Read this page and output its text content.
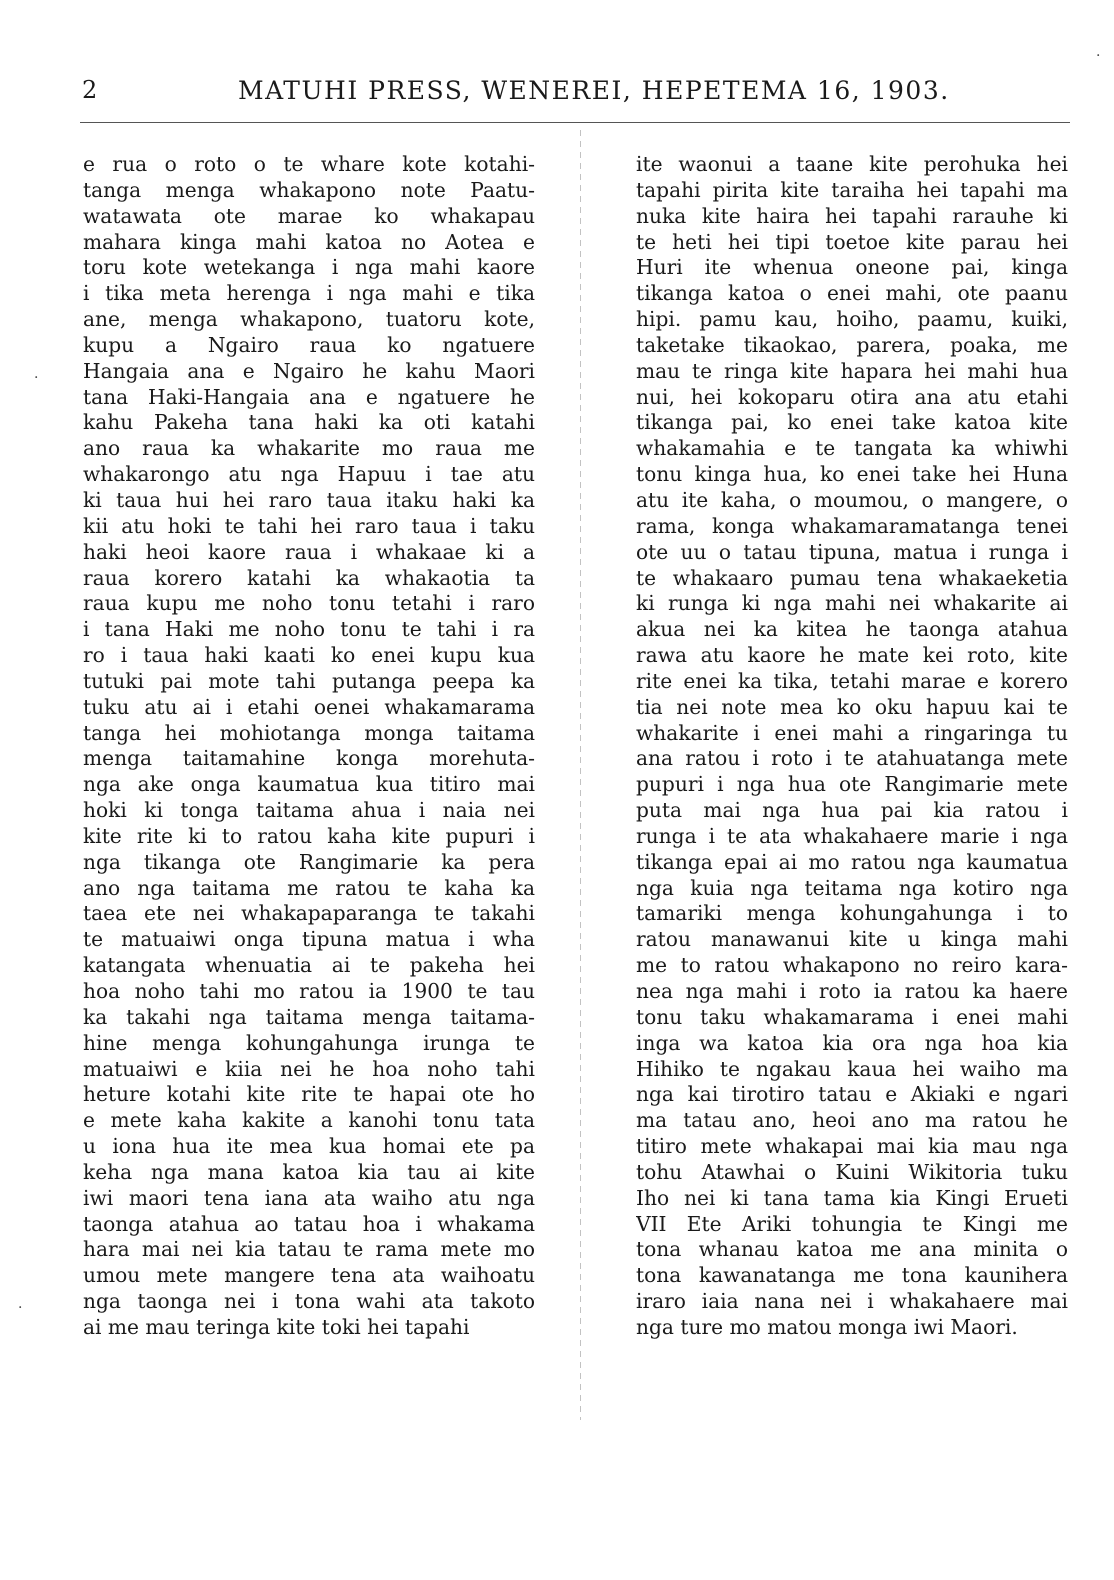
2	MATUHI PRESS, WENEREI, HEPETEMA 16, 1903.
e rua o roto o te whare kote kotahi-
tanga menga whakapono note Paatu-
watawata ote marae ko whakapau
mahara kinga mahi katoa no Aotea e
toru kote wetekanga i nga mahi kaore
i tika meta herenga i nga mahi e tika
ane, menga whakapono, tuatoru kote,
kupu a Ngairo raua ko ngatuere
Hangaia ana e Ngairo he kahu Maori
tana Haki-Hangaia ana e ngatuere he
kahu Pakeha tana haki ka oti katahi
ano raua ka whakarite mo raua me
whakarongo atu nga Hapuu i tae atu
ki taua hui hei raro taua itaku haki ka
kii atu hoki te tahi hei raro taua i taku
haki heoi kaore raua i whakaae ki a
raua korero katahi ka whakaotia ta
raua kupu me noho tonu tetahi i raro
i tana Haki me noho tonu te tahi i ra
ro i taua haki kaati ko enei kupu kua
tutuki pai mote tahi putanga peepa ka
tuku atu ai i etahi oenei whakamarama
tanga hei mohiotanga monga taitama
menga taitamahine konga morehuta-
nga ake onga kaumatua kua titiro mai
hoki ki tonga taitama ahua i naia nei
kite rite ki to ratou kaha kite pupuri i
nga tikanga ote Rangimarie ka pera
ano nga taitama me ratou te kaha ka
taea ete nei whakapaparanga te takahi
te matuaiwi onga tipuna matua i wha
katangata whenuatia ai te pakeha hei
hoa noho tahi mo ratou ia 1900 te tau
ka takahi nga taitama menga taitama-
hine menga kohungahunga irunga te
matuaiwi e kiia nei he hoa noho tahi
heture kotahi kite rite te hapai ote ho
e mete kaha kakite a kanohi tonu tata
u iona hua ite mea kua homai ete pa
keha nga mana katoa kia tau ai kite
iwi maori tena iana ata waiho atu nga
taonga atahua ao tatau hoa i whakama
hara mai nei kia tatau te rama mete mo
umou mete mangere tena ata waihoatu
nga taonga nei i tona wahi ata takoto
ai me mau teringa kite toki hei tapahi
ite waonui a taane kite perohuka hei
tapahi pirita kite taraiha hei tapahi ma
nuka kite haira hei tapahi rarauhe ki
te heti hei tipi toetoe kite parau hei
Huri ite whenua oneone pai, kinga
tikanga katoa o enei mahi, ote paanu
hipi. pamu kau, hoiho, paamu, kuiki,
taketake tikaokao, parera, poaka, me
mau te ringa kite hapara hei mahi hua
nui, hei kokoparu otira ana atu etahi
tikanga pai, ko enei take katoa kite
whakamahia e te tangata ka whiwhi
tonu kinga hua, ko enei take hei Huna
atu ite kaha, o moumou, o mangere, o
rama, konga whakamaramatanga tenei
ote uu o tatau tipuna, matua i runga i
te whakaaro pumau tena whakaeketia
ki runga ki nga mahi nei whakarite ai
akua nei ka kitea he taonga atahua
rawa atu kaore he mate kei roto, kite
rite enei ka tika, tetahi marae e korero
tia nei note mea ko oku hapuu kai te
whakarite i enei mahi a ringaringa tu
ana ratou i roto i te atahuatanga mete
pupuri i nga hua ote Rangimarie mete
puta mai nga hua pai kia ratou i
runga i te ata whakahaere marie i nga
tikanga epai ai mo ratou nga kaumatua
nga kuia nga teitama nga kotiro nga
tamariki menga kohungahunga i to
ratou manawanui kite u kinga mahi
me to ratou whakapono no reiro kara-
nea nga mahi i roto ia ratou ka haere
tonu taku whakamarama i enei mahi
inga wa katoa kia ora nga hoa kia
Hihiko te ngakau kaua hei waiho ma
nga kai tirotiro tatau e Akiaki e ngari
ma tatau ano, heoi ano ma ratou he
titiro mete whakapai mai kia mau nga
tohu Atawhai o Kuini Wikitoria tuku
Iho nei ki tana tama kia Kingi Erueti
VII Ete Ariki tohungia te Kingi me
tona whanau katoa me ana minita o
tona kawanatanga me tona kaunihera
iraro iaia nana nei i whakahaere mai
nga ture mo matou monga iwi Maori.
·
·
·
